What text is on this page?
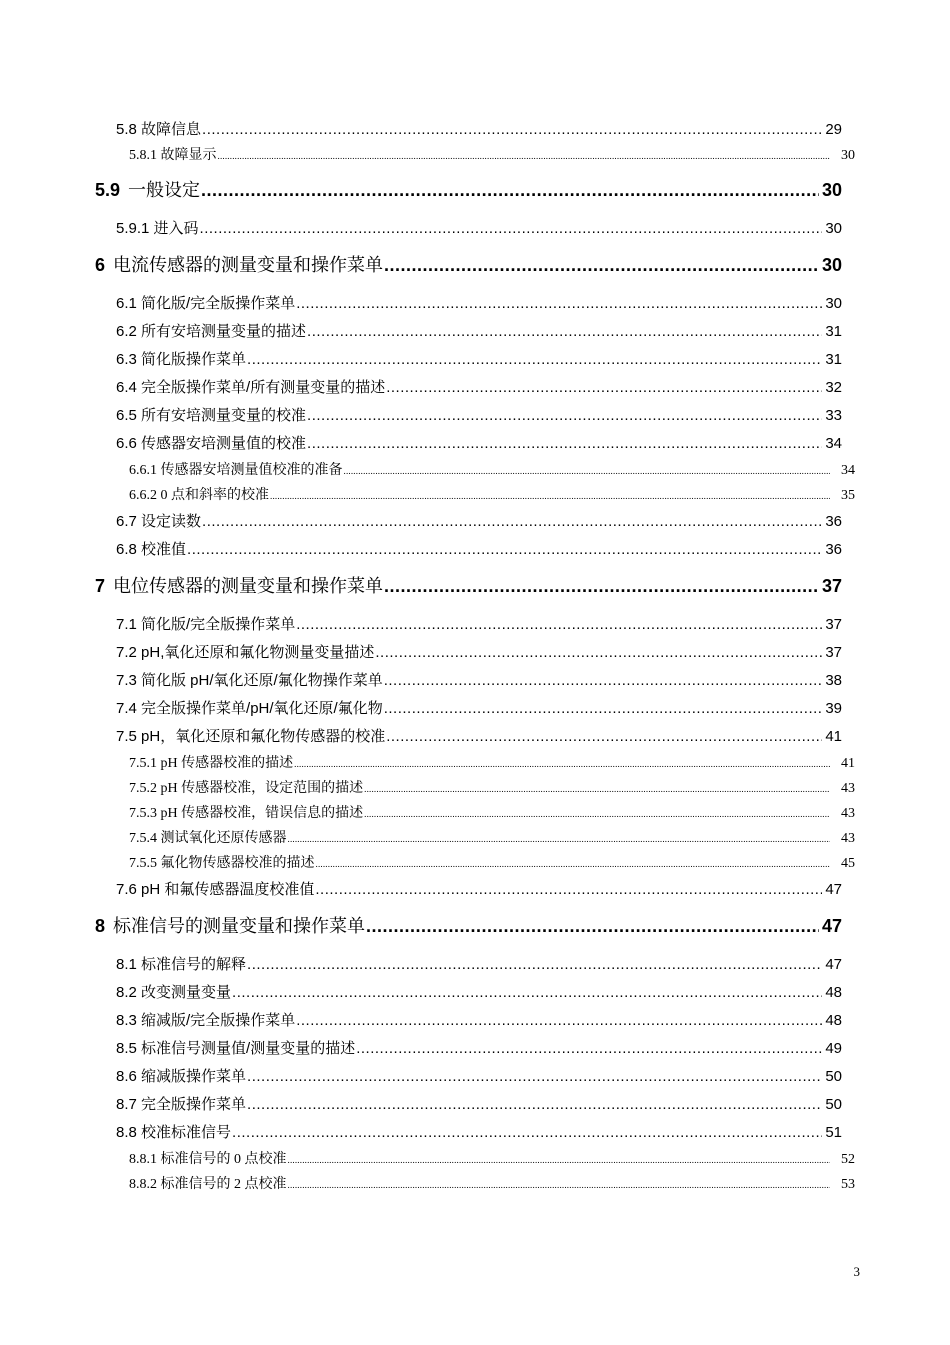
5.8 故障信息 .....	29
5.8.1 故障显示 .....	30
5.9 一般设定 .....	30
5.9.1 进入码 .....	30
6 电流传感器的测量变量和操作菜单 .....	30
6.1 简化版/完全版操作菜单 .....	30
6.2 所有安培测量变量的描述 .....	31
6.3 简化版操作菜单 .....	31
6.4 完全版操作菜单/所有测量变量的描述 .....	32
6.5 所有安培测量变量的校准 .....	33
6.6 传感器安培测量值的校准 .....	34
6.6.1 传感器安培测量值校准的准备 .....	34
6.6.2 0 点和斜率的校准 .....	35
6.7 设定读数 .....	36
6.8 校准值 .....	36
7 电位传感器的测量变量和操作菜单 .....	37
7.1 简化版/完全版操作菜单 .....	37
7.2 pH,氧化还原和氟化物测量变量描述 .....	37
7.3 简化版 pH/氧化还原/氟化物操作菜单 .....	38
7.4 完全版操作菜单/pH/氧化还原/氟化物 .....	39
7.5 pH，氧化还原和氟化物传感器的校准 .....	41
7.5.1 pH 传感器校准的描述 .....	41
7.5.2 pH 传感器校准，设定范围的描述 .....	43
7.5.3 pH 传感器校准，错误信息的描述 .....	43
7.5.4 测试氧化还原传感器 .....	43
7.5.5 氟化物传感器校准的描述 .....	45
7.6 pH 和氟传感器温度校准值 .....	47
8 标准信号的测量变量和操作菜单 .....	47
8.1 标准信号的解释 .....	47
8.2 改变测量变量 .....	48
8.3 缩减版/完全版操作菜单 .....	48
8.5 标准信号测量值/测量变量的描述 .....	49
8.6 缩减版操作菜单 .....	50
8.7 完全版操作菜单 .....	50
8.8 校准标准信号 .....	51
8.8.1 标准信号的 0 点校准 .....	52
8.8.2 标准信号的 2 点校准 .....	53
3
